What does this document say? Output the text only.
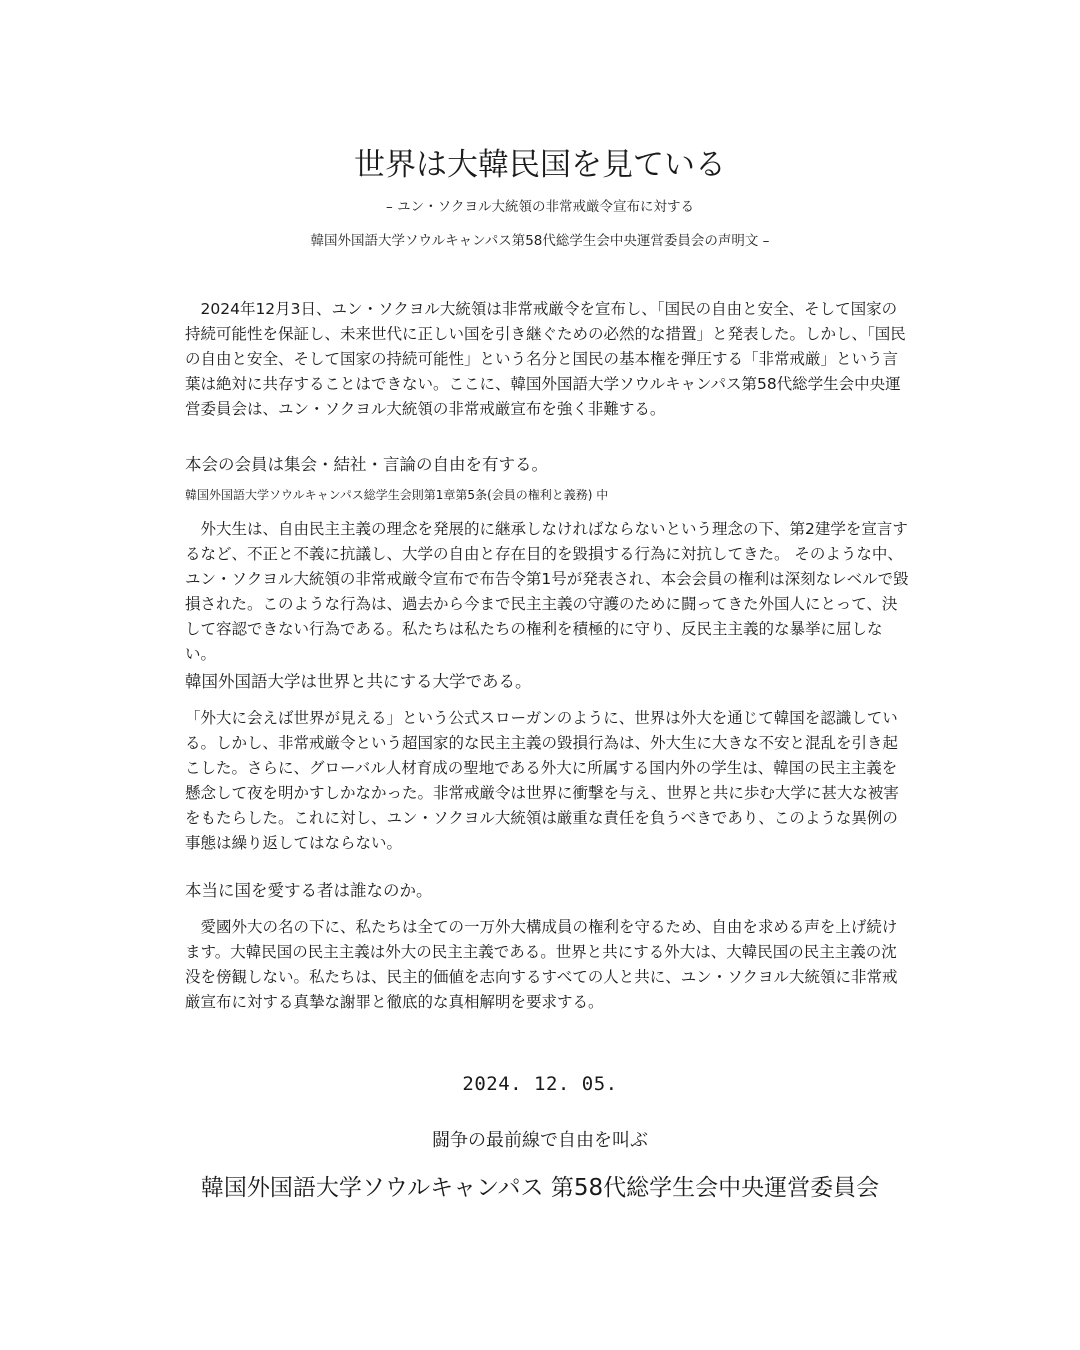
世界は大韓民国を見ている
– ユン・ソクヨル大統領の非常戒厳令宣布に対する
韓国外国語大学ソウルキャンパス第58代総学生会中央運営委員会の声明文 –

　2024年12月3日、ユン・ソクヨル大統領は非常戒厳令を宣布し、「国民の自由と安全、そして国家の持続可能性を保証し、未来世代に正しい国を引き継ぐための必然的な措置」と発表した。しかし、「国民の自由と安全、そして国家の持続可能性」という名分と国民の基本権を弾圧する「非常戒厳」という言葉は絶対に共存することはできない。ここに、韓国外国語大学ソウルキャンパス第58代総学生会中央運営委員会は、ユン・ソクヨル大統領の非常戒厳宣布を強く非難する。

本会の会員は集会・結社・言論の自由を有する。
韓国外国語大学ソウルキャンパス総学生会則第1章第5条(会員の権利と義務) 中

　外大生は、自由民主主義の理念を発展的に継承しなければならないという理念の下、第2建学を宣言するなど、不正と不義に抗議し、大学の自由と存在目的を毀損する行為に対抗してきた。 そのような中、ユン・ソクヨル大統領の非常戒厳令宣布で布告令第1号が発表され、本会会員の権利は深刻なレベルで毀損された。このような行為は、過去から今まで民主主義の守護のために闘ってきた外国人にとって、決して容認できない行為である。私たちは私たちの権利を積極的に守り、反民主主義的な暴挙に屈しない。

韓国外国語大学は世界と共にする大学である。

「外大に会えば世界が見える」という公式スローガンのように、世界は外大を通じて韓国を認識している。しかし、非常戒厳令という超国家的な民主主義の毀損行為は、外大生に大きな不安と混乱を引き起こした。さらに、グローバル人材育成の聖地である外大に所属する国内外の学生は、韓国の民主主義を懸念して夜を明かすしかなかった。非常戒厳令は世界に衝撃を与え、世界と共に歩む大学に甚大な被害をもたらした。これに対し、ユン・ソクヨル大統領は厳重な責任を負うべきであり、このような異例の事態は繰り返してはならない。

本当に国を愛する者は誰なのか。

　愛國外大の名の下に、私たちは全ての一万外大構成員の権利を守るため、自由を求める声を上げ続けます。大韓民国の民主主義は外大の民主主義である。世界と共にする外大は、大韓民国の民主主義の沈没を傍観しない。私たちは、民主的価値を志向するすべての人と共に、ユン・ソクヨル大統領に非常戒厳宣布に対する真摯な謝罪と徹底的な真相解明を要求する。

2024. 12. 05.
闘争の最前線で自由を叫ぶ
韓国外国語大学ソウルキャンパス 第58代総学生会中央運営委員会
